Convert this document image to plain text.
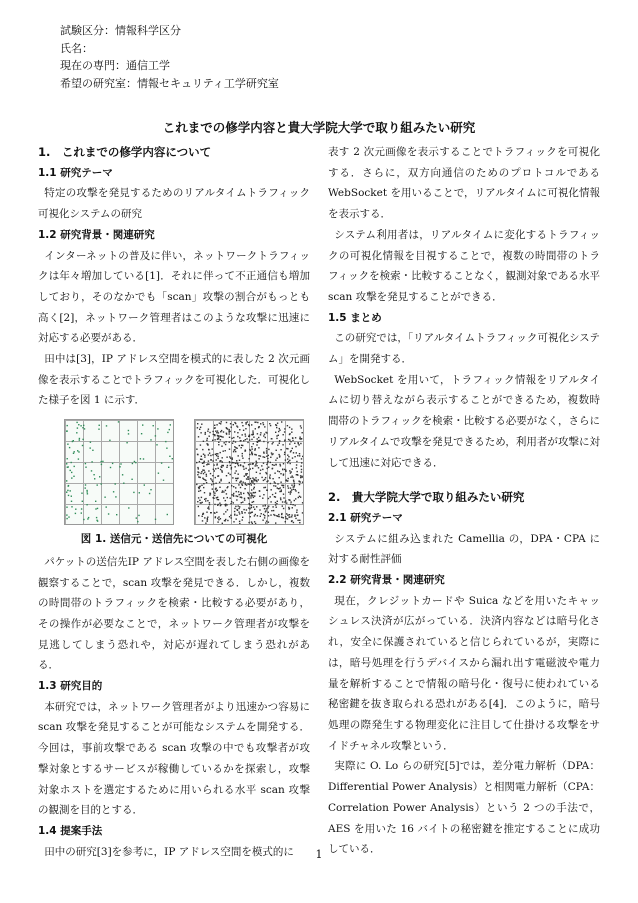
試験区分：情報科学区分
氏名：
現在の専門：通信工学
希望の研究室：情報セキュリティ工学研究室
これまでの修学内容と貴大学院大学で取り組みたい研究

1.　これまでの修学内容について

1.1 研究テーマ

特定の攻撃を発見するためのリアルタイムトラフィック可視化システムの研究

1.2 研究背景・関連研究

インターネットの普及に伴い，ネットワークトラフィックは年々増加している[1]．それに伴って不正通信も増加しており，そのなかでも「scan」攻撃の割合がもっとも高く[2]，ネットワーク管理者はこのような攻撃に迅速に対応する必要がある．

田中は[3]，IP アドレス空間を模式的に表した 2 次元画像を表示することでトラフィックを可視化した．可視化した様子を図 1 に示す．

図 1. 送信元・送信先についての可視化

パケットの送信先IP アドレス空間を表した右側の画像を観察することで，scan 攻撃を発見できる．しかし，複数の時間帯のトラフィックを検索・比較する必要があり，その操作が必要なことで，ネットワーク管理者が攻撃を見逃してしまう恐れや，対応が遅れてしまう恐れがある．

1.3 研究目的

本研究では，ネットワーク管理者がより迅速かつ容易に scan 攻撃を発見することが可能なシステムを開発する．今回は，事前攻撃である scan 攻撃の中でも攻撃者が攻撃対象とするサービスが稼働しているかを探索し，攻撃対象ホストを選定するために用いられる水平 scan 攻撃の観測を目的とする．

1.4 提案手法

田中の研究[3]を参考に，IP アドレス空間を模式的に

表す 2 次元画像を表示することでトラフィックを可視化する．さらに，双方向通信のためのプロトコルである WebSocket を用いることで，リアルタイムに可視化情報を表示する．

システム利用者は，リアルタイムに変化するトラフィックの可視化情報を目視することで，複数の時間帯のトラフィックを検索・比較することなく，観測対象である水平 scan 攻撃を発見することができる．

1.5 まとめ

この研究では，「リアルタイムトラフィック可視化システム」を開発する．

WebSocket を用いて，トラフィック情報をリアルタイムに切り替えながら表示することができるため，複数時間帯のトラフィックを検索・比較する必要がなく，さらにリアルタイムで攻撃を発見できるため，利用者が攻撃に対して迅速に対応できる．

2.　貴大学院大学で取り組みたい研究

2.1 研究テーマ

システムに組み込まれた Camellia の，DPA・CPA に対する耐性評価

2.2 研究背景・関連研究

現在，クレジットカードや Suica などを用いたキャッシュレス決済が広がっている．決済内容などは暗号化され，安全に保護されていると信じられているが，実際には，暗号処理を行うデバイスから漏れ出す電磁波や電力量を解析することで情報の暗号化・復号に使われている秘密鍵を抜き取られる恐れがある[4]．このように，暗号処理の際発生する物理変化に注目して仕掛ける攻撃をサイドチャネル攻撃という．

実際に O. Lo らの研究[5]では，差分電力解析（DPA：Differential Power Analysis）と相関電力解析（CPA：Correlation Power Analysis）という 2 つの手法で，AES を用いた 16 バイトの秘密鍵を推定することに成功している．

1
